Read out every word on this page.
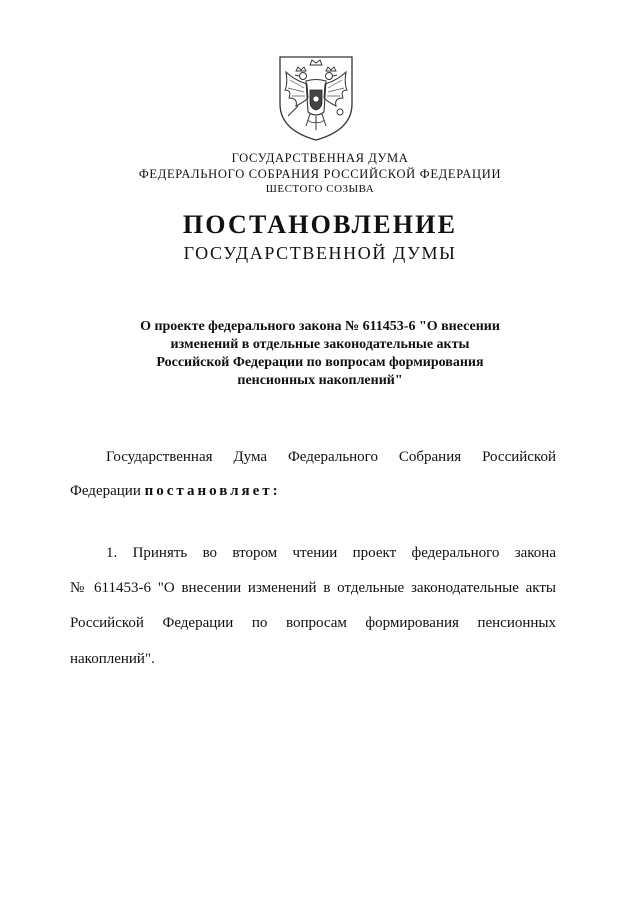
ГОСУДАРСТВЕННАЯ ДУМА
ФЕДЕРАЛЬНОГО СОБРАНИЯ РОССИЙСКОЙ ФЕДЕРАЦИИ
ШЕСТОГО СОЗЫВА
ПОСТАНОВЛЕНИЕ
ГОСУДАРСТВЕННОЙ ДУМЫ
О проекте федерального закона № 611453-6 "О внесении
изменений в отдельные законодательные акты
Российской Федерации по вопросам формирования
пенсионных накоплений"
Государственная Дума Федерального Собрания Российской
Федерации постановляет:
1. Принять во втором чтении проект федерального закона
№ 611453-6 "О внесении изменений в отдельные законодательные акты
Российской Федерации по вопросам формирования пенсионных
накоплений".
